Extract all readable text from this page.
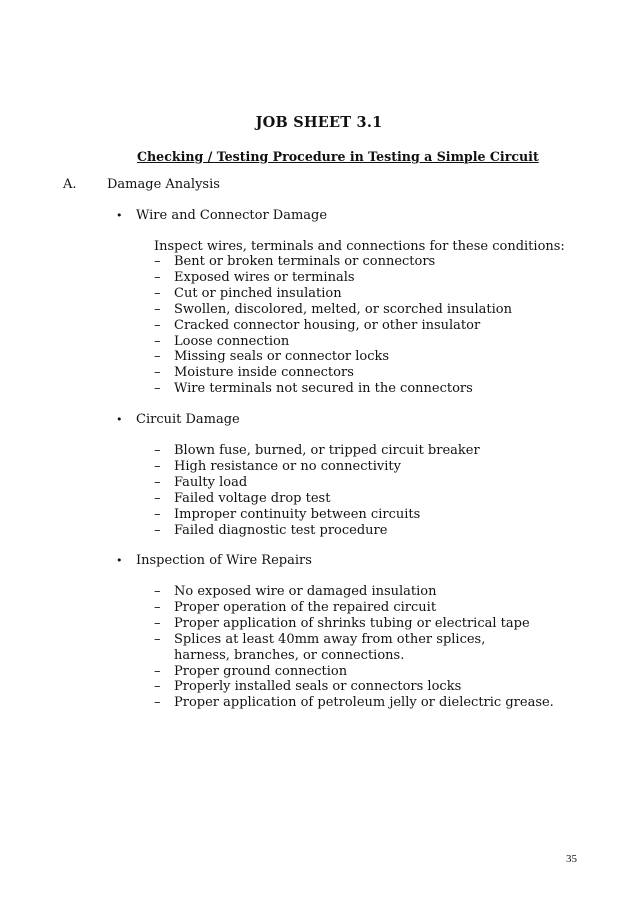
JOB SHEET 3.1
Checking / Testing Procedure in Testing a Simple Circuit
A. Damage Analysis
• Wire and Connector Damage
Inspect wires, terminals and connections for these conditions:
– Bent or broken terminals or connectors
– Exposed wires or terminals
– Cut or pinched insulation
– Swollen, discolored, melted, or scorched insulation
– Cracked connector housing, or other insulator
– Loose connection
– Missing seals or connector locks
– Moisture inside connectors
– Wire terminals not secured in the connectors
• Circuit Damage
– Blown fuse, burned, or tripped circuit breaker
– High resistance or no connectivity
– Faulty load
– Failed voltage drop test
– Improper continuity between circuits
– Failed diagnostic test procedure
• Inspection of Wire Repairs
– No exposed wire or damaged insulation
– Proper operation of the repaired circuit
– Proper application of shrinks tubing or electrical tape
– Splices at least 40mm away from other splices, harness, branches, or connections.
– Proper ground connection
– Properly installed seals or connectors locks
– Proper application of petroleum jelly or dielectric grease.
35
